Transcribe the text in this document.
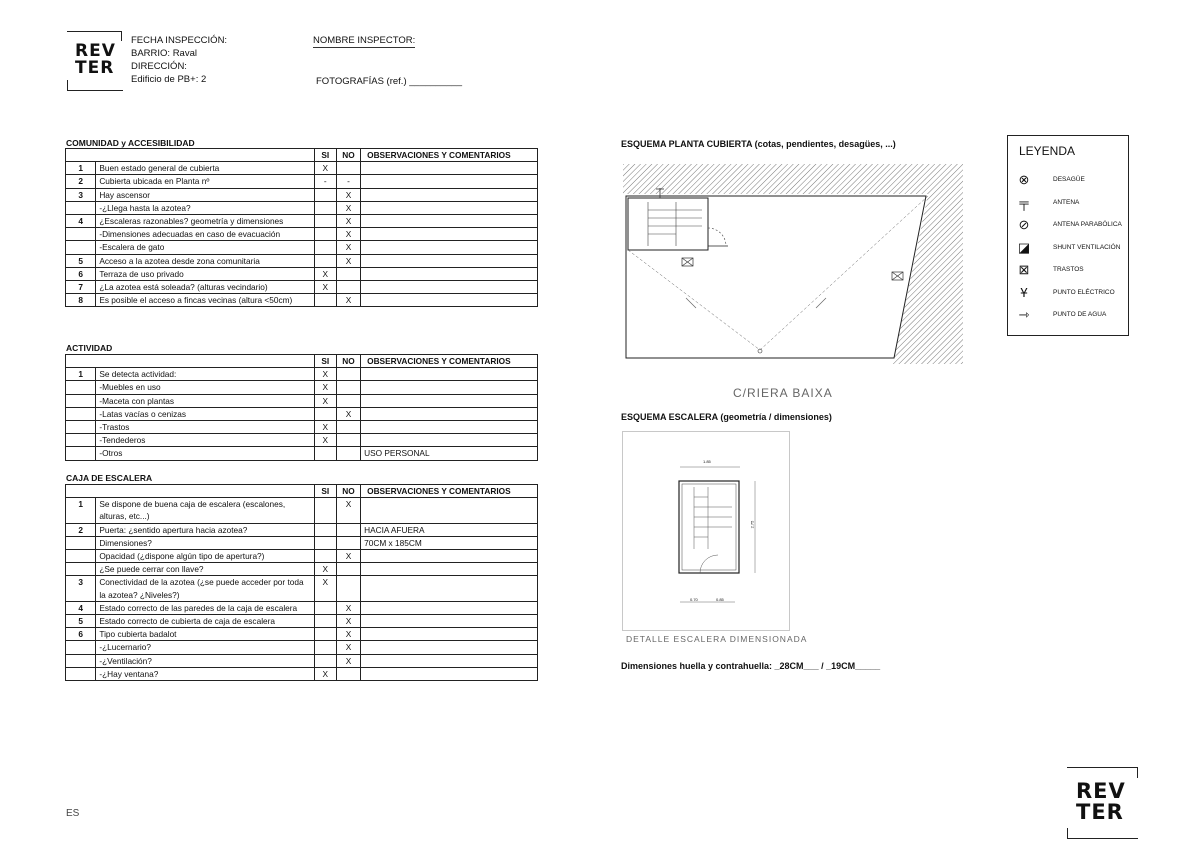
REV
TER
FECHA INSPECCIÓN:
BARRIO: Raval
DIRECCIÓN:
Edificio de PB+: 2
NOMBRE INSPECTOR:
FOTOGRAFÍAS (ref.) __________
COMUNIDAD y ACCESIBILIDAD
		SI	NO	OBSERVACIONES Y COMENTARIOS
1	Buen estado general de cubierta	X		
2	Cubierta ubicada en Planta nº	-	-	
3	Hay ascensor		X	
	-¿Llega hasta la azotea?		X	
4	¿Escaleras razonables? geometría y dimensiones		X	
	-Dimensiones adecuadas en caso de evacuación		X	
	-Escalera de gato		X	
5	Acceso a la azotea desde zona comunitaria		X	
6	Terraza de uso privado	X		
7	¿La azotea está soleada? (alturas vecindario)	X		
8	Es posible el acceso a fincas vecinas (altura <50cm)		X	
ACTIVIDAD
		SI	NO	OBSERVACIONES Y COMENTARIOS
1	Se detecta actividad:	X		
	-Muebles en uso	X		
	-Maceta con plantas	X		
	-Latas vacías o cenizas		X	
	-Trastos	X		
	-Tendederos	X		
	-Otros			USO PERSONAL
CAJA DE ESCALERA
		SI	NO	OBSERVACIONES Y COMENTARIOS
1	Se dispone de buena caja de escalera (escalones, alturas, etc...)		X	
2	Puerta: ¿sentido apertura hacia azotea?			HACIA AFUERA
	Dimensiones?			70CM x 185CM
	Opacidad (¿dispone algún tipo de apertura?)		X	
	¿Se puede cerrar con llave?	X		
3	Conectividad de la azotea (¿se puede acceder por toda la azotea? ¿Niveles?)	X		
4	Estado correcto de las paredes de la caja de escalera		X	
5	Estado correcto de cubierta de caja de escalera		X	
6	Tipo cubierta badalot		X	
	-¿Lucernario?		X	
	-¿Ventilación?		X	
	-¿Hay ventana?	X		
ESQUEMA PLANTA CUBIERTA (cotas, pendientes, desagües, ...)
C/RIERA BAIXA
ESQUEMA ESCALERA (geometría / dimensiones)
1.85
2.75
0.70	0.85
DETALLE ESCALERA DIMENSIONADA
Dimensiones huella y contrahuella: _28CM___ / _19CM_____
LEYENDA
⊗	DESAGÜE
╤	ANTENA
⊘	ANTENA PARABÓLICA
◪	SHUNT VENTILACIÓN
⊠	TRASTOS
Ұ	PUNTO ELÉCTRICO
⇾	PUNTO DE AGUA
REV
TER
ES
